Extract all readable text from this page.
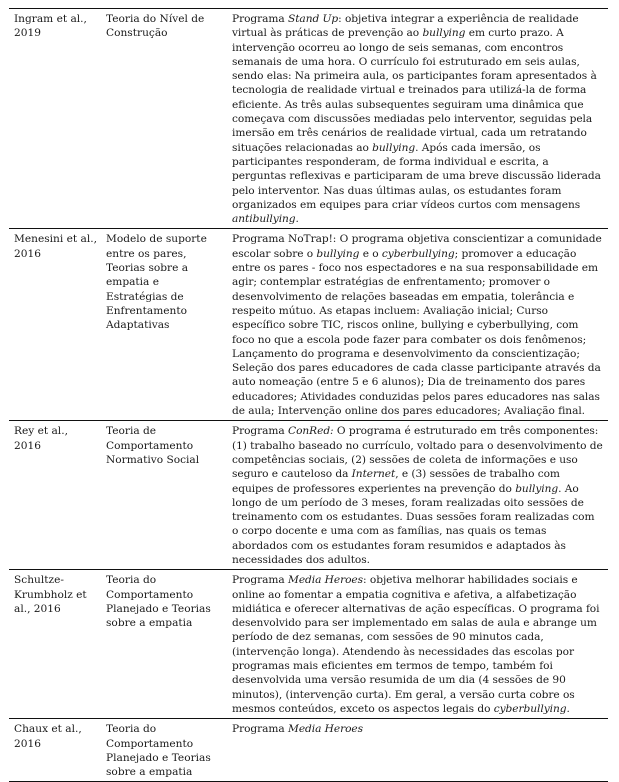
Ingram et al., 2019
Teoria do Nível de Construção
Programa Stand Up: objetiva integrar a experiência de realidade virtual às práticas de prevenção ao bullying em curto prazo. A intervenção ocorreu ao longo de seis semanas, com encontros semanais de uma hora. O currículo foi estruturado em seis aulas, sendo elas: Na primeira aula, os participantes foram apresentados à tecnologia de realidade virtual e treinados para utilizá-la de forma eficiente. As três aulas subsequentes seguiram uma dinâmica que começava com discussões mediadas pelo interventor, seguidas pela imersão em três cenários de realidade virtual, cada um retratando situações relacionadas ao bullying. Após cada imersão, os participantes responderam, de forma individual e escrita, a perguntas reflexivas e participaram de uma breve discussão liderada pelo interventor. Nas duas últimas aulas, os estudantes foram organizados em equipes para criar vídeos curtos com mensagens antibullying.
Menesini et al., 2016
Modelo de suporte entre os pares, Teorias sobre a empatia e Estratégias de Enfrentamento Adaptativas
Programa NoTrap!: O programa objetiva conscientizar a comunidade escolar sobre o bullying e o cyberbullying; promover a educação entre os pares - foco nos espectadores e na sua responsabilidade em agir; contemplar estratégias de enfrentamento; promover o desenvolvimento de relações baseadas em empatia, tolerância e respeito mútuo. As etapas incluem: Avaliação inicial; Curso específico sobre TIC, riscos online, bullying e cyberbullying, com foco no que a escola pode fazer para combater os dois fenômenos; Lançamento do programa e desenvolvimento da conscientização; Seleção dos pares educadores de cada classe participante através da auto nomeação (entre 5 e 6 alunos); Dia de treinamento dos pares educadores; Atividades conduzidas pelos pares educadores nas salas de aula; Intervenção online dos pares educadores; Avaliação final.
Rey et al., 2016
Teoria de Comportamento Normativo Social
Programa ConRed: O programa é estruturado em três componentes: (1) trabalho baseado no currículo, voltado para o desenvolvimento de competências sociais, (2) sessões de coleta de informações e uso seguro e cauteloso da Internet, e (3) sessões de trabalho com equipes de professores experientes na prevenção do bullying. Ao longo de um período de 3 meses, foram realizadas oito sessões de treinamento com os estudantes. Duas sessões foram realizadas com o corpo docente e uma com as famílias, nas quais os temas abordados com os estudantes foram resumidos e adaptados às necessidades dos adultos.
Schultze-Krumbholz et al., 2016
Teoria do Comportamento Planejado e Teorias sobre a empatia
Programa Media Heroes: objetiva melhorar habilidades sociais e online ao fomentar a empatia cognitiva e afetiva, a alfabetização midiática e oferecer alternativas de ação específicas. O programa foi desenvolvido para ser implementado em salas de aula e abrange um período de dez semanas, com sessões de 90 minutos cada, (intervenção longa). Atendendo às necessidades das escolas por programas mais eficientes em termos de tempo, também foi desenvolvida uma versão resumida de um dia (4 sessões de 90 minutos), (intervenção curta). Em geral, a versão curta cobre os mesmos conteúdos, exceto os aspectos legais do cyberbullying.
Chaux et al., 2016
Teoria do Comportamento Planejado e Teorias sobre a empatia
Programa Media Heroes
